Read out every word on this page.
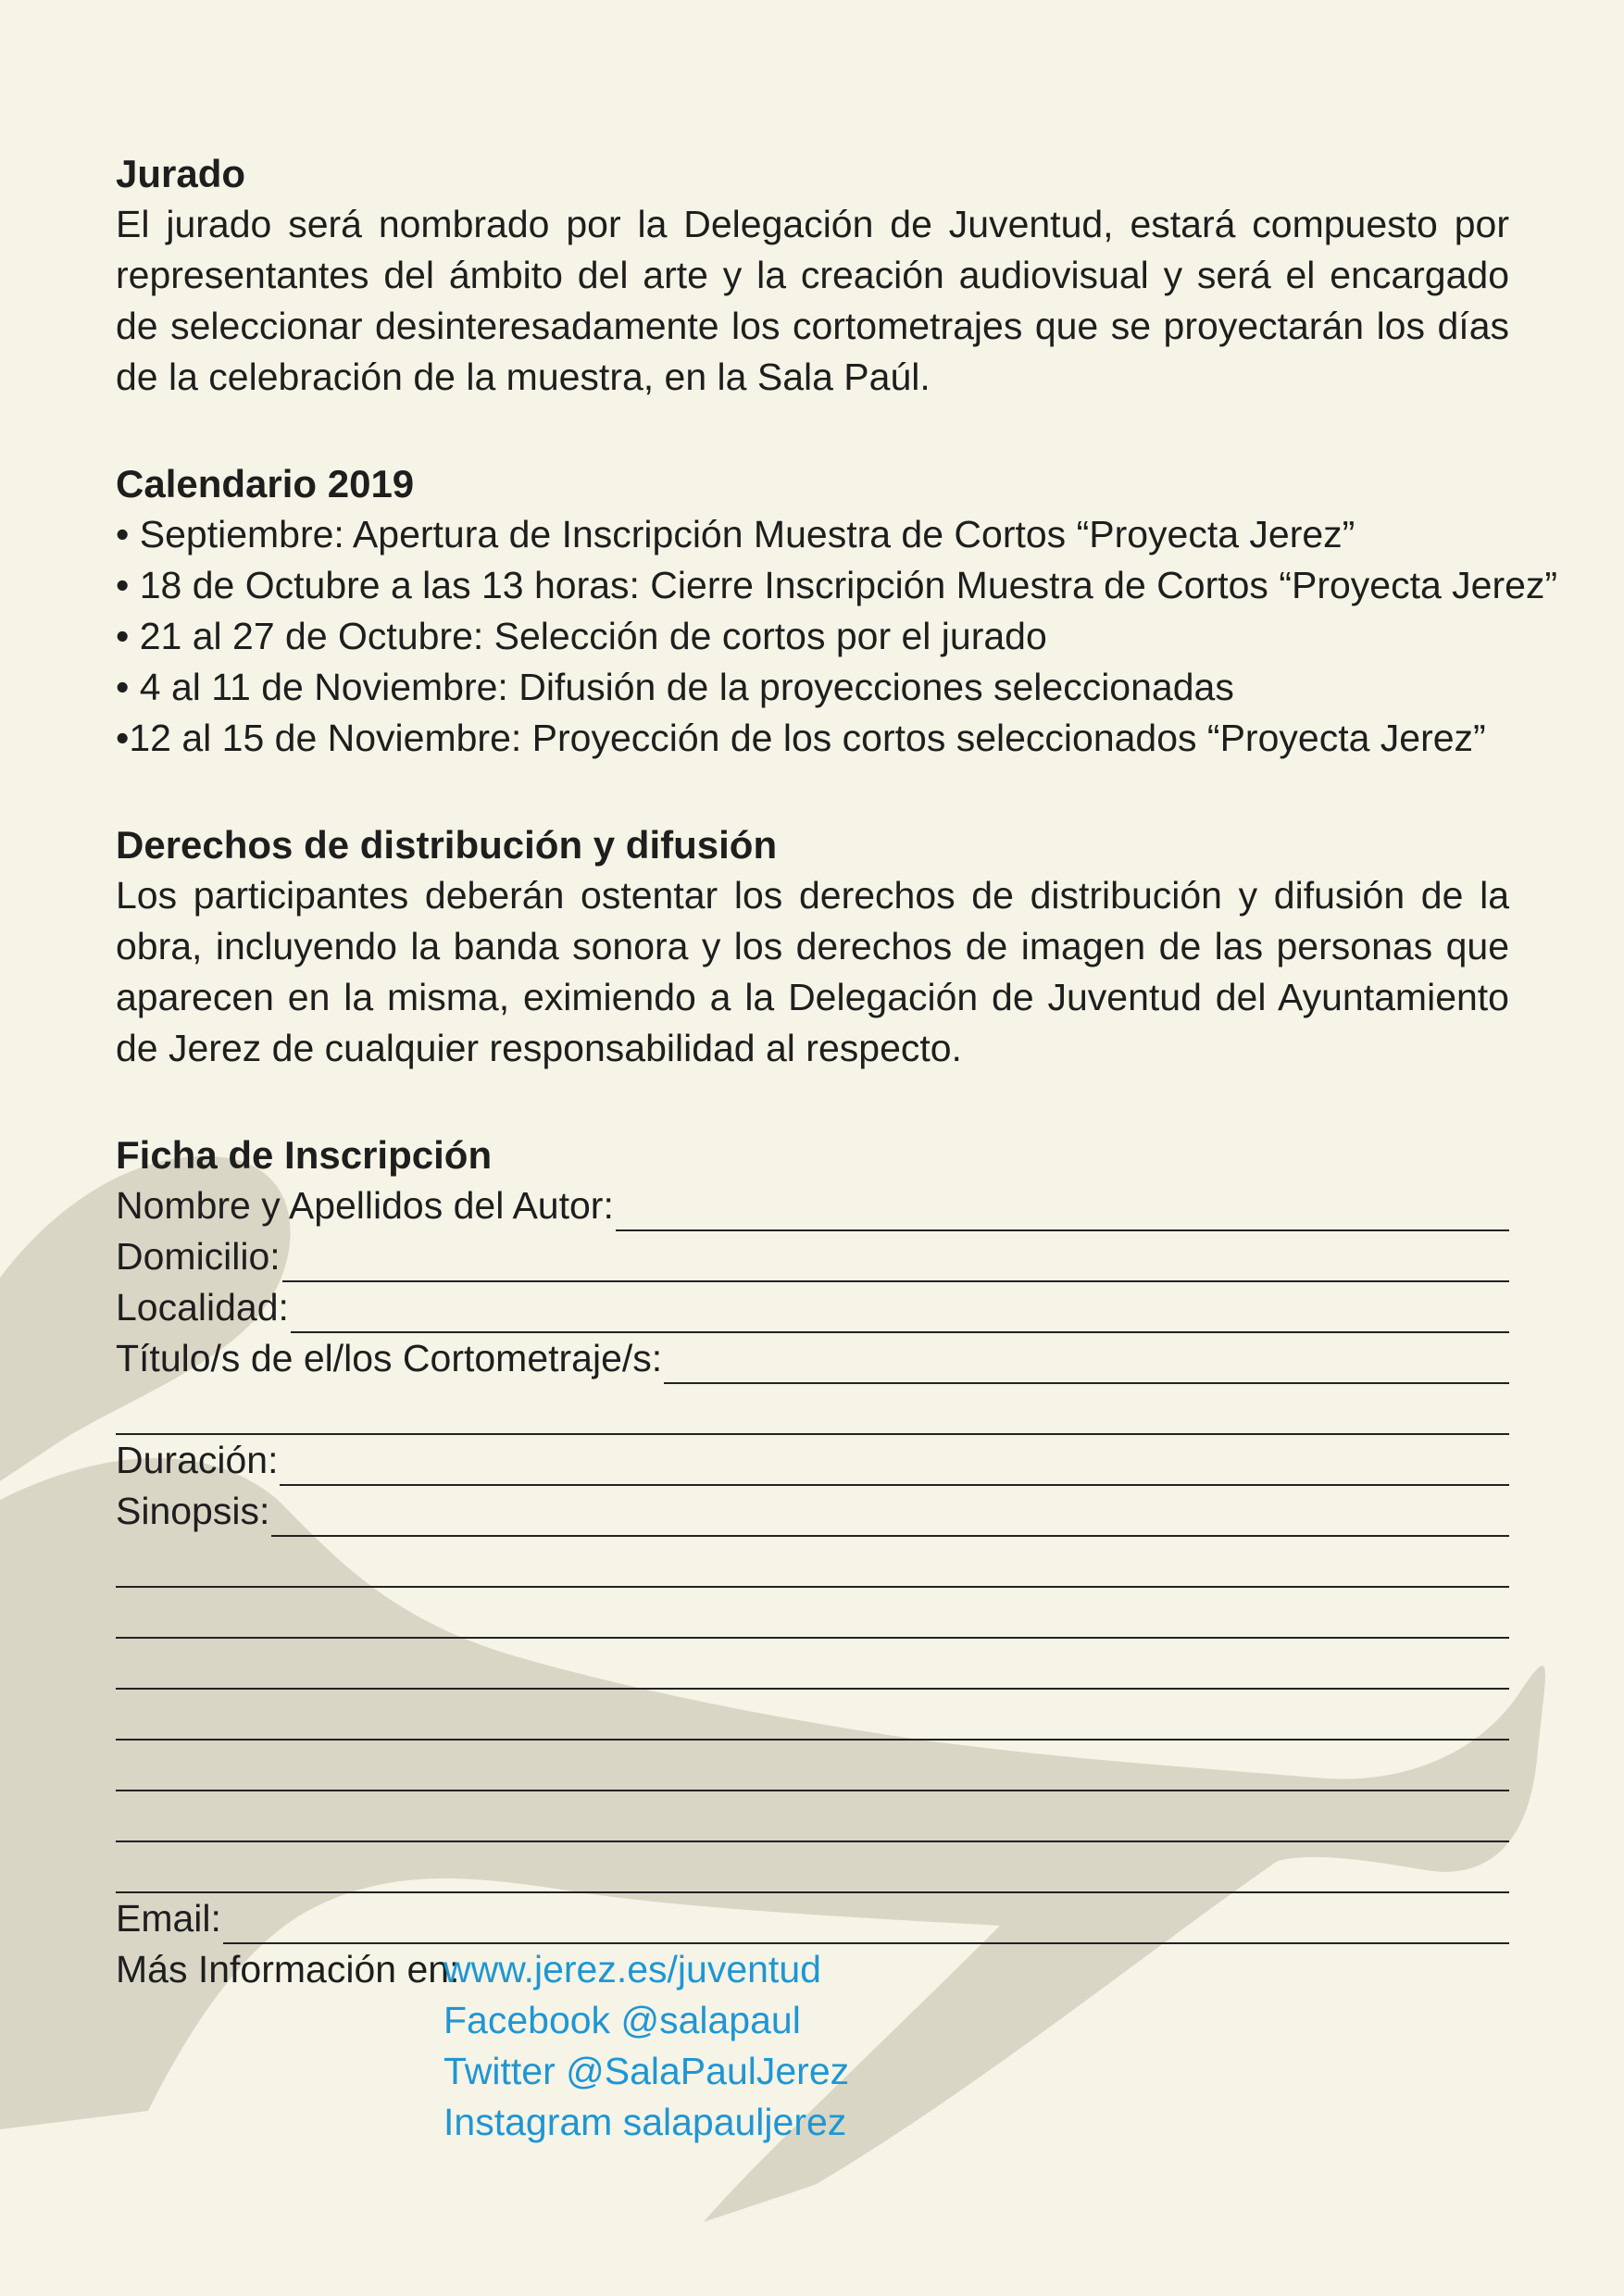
Jurado

El jurado será nombrado por la Delegación de Juventud, estará compuesto por representantes del ámbito del arte y la creación audiovisual y será el encargado de seleccionar desinteresadamente los cortometrajes que se proyectarán los días de la celebración de la muestra, en la Sala Paúl.

Calendario 2019
• Septiembre: Apertura de Inscripción Muestra de Cortos “Proyecta Jerez”
• 18 de Octubre a las 13 horas: Cierre Inscripción Muestra de Cortos “Proyecta Jerez”
• 21 al 27 de Octubre: Selección de cortos por el jurado
• 4 al 11 de Noviembre: Difusión de la proyecciones seleccionadas
•12 al 15 de Noviembre: Proyección de los cortos seleccionados “Proyecta Jerez”
Derechos de distribución y difusión

Los participantes deberán ostentar los derechos de distribución y difusión de la obra, incluyendo la banda sonora y los derechos de imagen de las personas que aparecen en la misma, eximiendo a la Delegación de Juventud del Ayuntamiento de Jerez de cualquier responsabilidad al respecto.

Ficha de Inscripción
Nombre y Apellidos del Autor:
Domicilio:
Localidad:
Título/s de el/los Cortometraje/s:
Duración:
Sinopsis:
Email:
Más Información en:
www.jerez.es/juventud
Facebook @salapaul
Twitter @SalaPaulJerez
Instagram salapauljerez
